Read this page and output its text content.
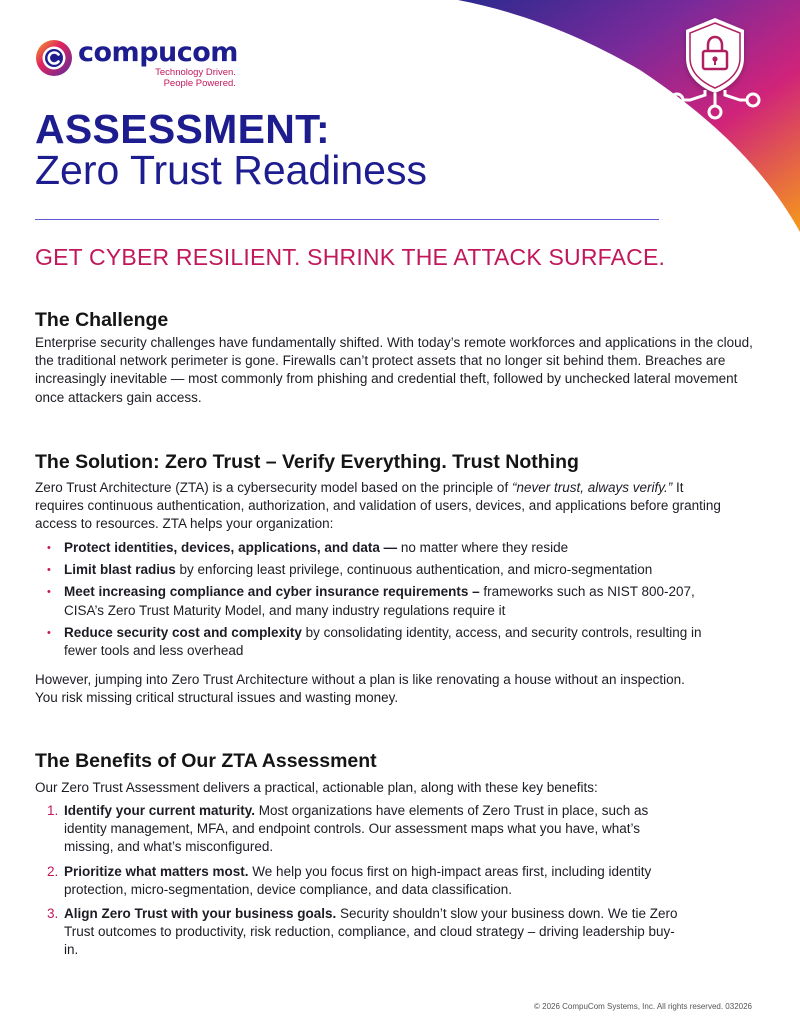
compucom
Technology Driven.
People Powered.
ASSESSMENT:
Zero Trust Readiness
GET CYBER RESILIENT. SHRINK THE ATTACK SURFACE.
The Challenge

Enterprise security challenges have fundamentally shifted. With today’s remote workforces and applications in the cloud, the traditional network perimeter is gone. Firewalls can’t protect assets that no longer sit behind them. Breaches are increasingly inevitable — most commonly from phishing and credential theft, followed by unchecked lateral movement once attackers gain access.

The Solution: Zero Trust – Verify Everything. Trust Nothing

Zero Trust Architecture (ZTA) is a cybersecurity model based on the principle of “never trust, always verify.” It requires continuous authentication, authorization, and validation of users, devices, and applications before granting access to resources. ZTA helps your organization:

• Protect identities, devices, applications, and data — no matter where they reside
• Limit blast radius by enforcing least privilege, continuous authentication, and micro-segmentation
• Meet increasing compliance and cyber insurance requirements – frameworks such as NIST 800-207, CISA’s Zero Trust Maturity Model, and many industry regulations require it
• Reduce security cost and complexity by consolidating identity, access, and security controls, resulting in fewer tools and less overhead

However, jumping into Zero Trust Architecture without a plan is like renovating a house without an inspection. You risk missing critical structural issues and wasting money.

The Benefits of Our ZTA Assessment

Our Zero Trust Assessment delivers a practical, actionable plan, along with these key benefits:

1. Identify your current maturity. Most organizations have elements of Zero Trust in place, such as identity management, MFA, and endpoint controls. Our assessment maps what you have, what’s missing, and what’s misconfigured.
2. Prioritize what matters most. We help you focus first on high-impact areas first, including identity protection, micro-segmentation, device compliance, and data classification.
3. Align Zero Trust with your business goals. Security shouldn’t slow your business down. We tie Zero Trust outcomes to productivity, risk reduction, compliance, and cloud strategy – driving leadership buy-in.
© 2026 CompuCom Systems, Inc. All rights reserved. 032026
